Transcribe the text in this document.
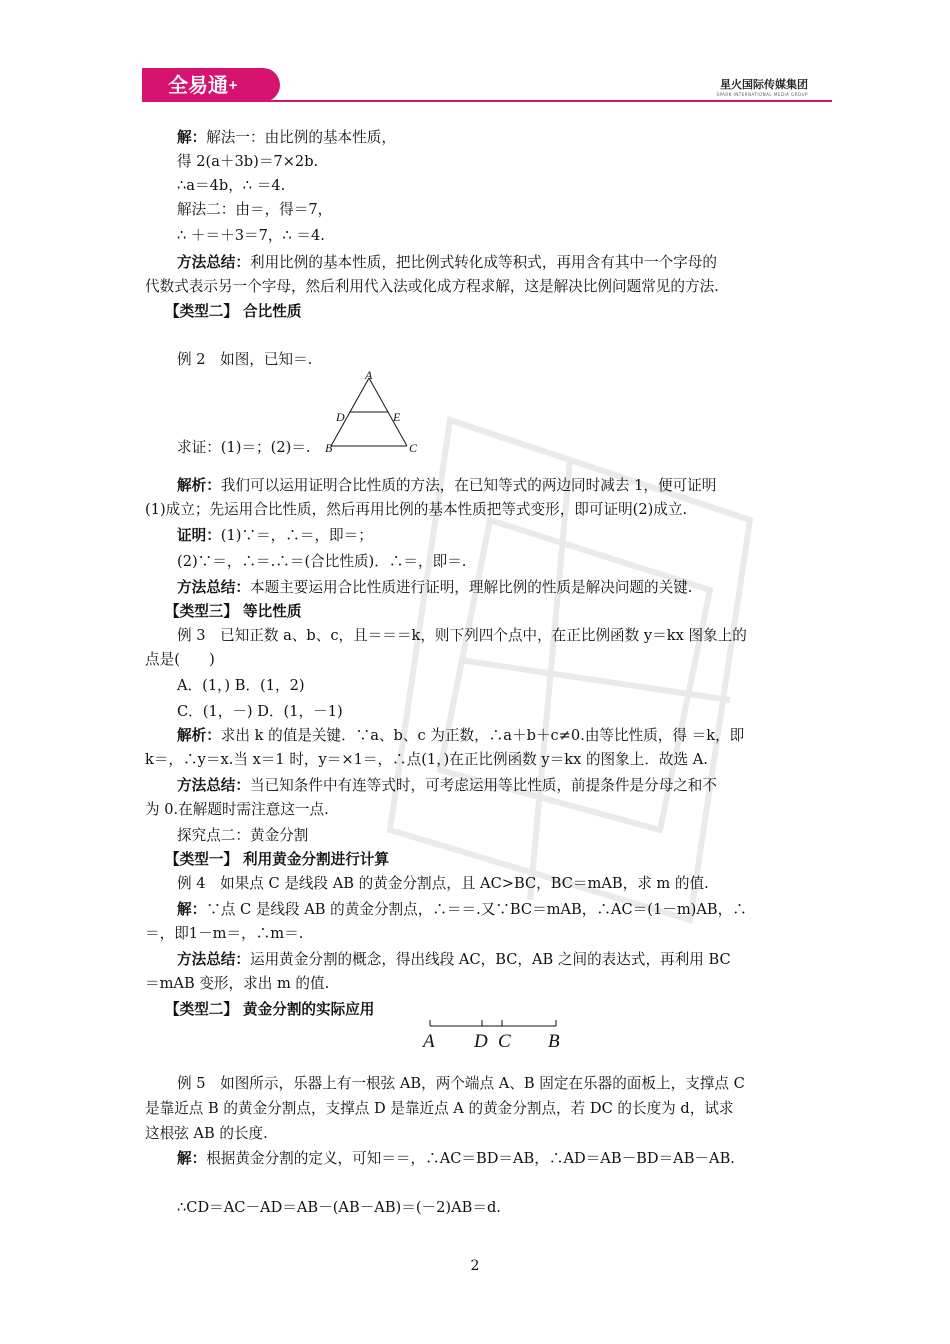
全易通+	星火国际传媒集团
SPARK INTERNATIONAL MEDIA GROUP
解：解法一：由比例的基本性质，
得 2(a＋3b)＝7×2b.
∴a＝4b，∴ ＝4.
解法二：由＝，得＝7，
∴ ＋＝＋3＝7，∴ ＝4.
方法总结：利用比例的基本性质，把比例式转化成等积式，再用含有其中一个字母的
代数式表示另一个字母，然后利用代入法或化成方程求解，这是解决比例问题常见的方法.
【类型二】 合比性质
例 2　如图，已知＝.
A
D	E
B	C
求证：(1)＝；(2)＝.
解析：我们可以运用证明合比性质的方法，在已知等式的两边同时减去 1，便可证明
(1)成立；先运用合比性质，然后再用比例的基本性质把等式变形，即可证明(2)成立.
证明：(1)∵＝，∴＝，即＝；
(2)∵＝，∴＝.∴＝(合比性质)．∴＝，即＝.
方法总结：本题主要运用合比性质进行证明，理解比例的性质是解决问题的关键.
【类型三】 等比性质
例 3　已知正数 a、b、c，且＝＝＝k，则下列四个点中，在正比例函数 y＝kx 图象上的
点是(　　)
A．(1，) B．(1，2)
C．(1，－) D．(1，－1)
解析：求出 k 的值是关键．∵a、b、c 为正数，∴a＋b＋c≠0.由等比性质，得 ＝k，即
k＝，∴y＝x.当 x＝1 时，y＝×1＝，∴点(1，)在正比例函数 y＝kx 的图象上．故选 A.
方法总结：当已知条件中有连等式时，可考虑运用等比性质，前提条件是分母之和不
为 0.在解题时需注意这一点.
探究点二：黄金分割
【类型一】 利用黄金分割进行计算
例 4　如果点 C 是线段 AB 的黄金分割点，且 AC>BC，BC＝mAB，求 m 的值.
解：∵点 C 是线段 AB 的黄金分割点，∴＝＝.又∵BC＝mAB，∴AC＝(1－m)AB，∴
＝，即1－m＝，∴m＝.
方法总结：运用黄金分割的概念，得出线段 AC，BC，AB 之间的表达式，再利用 BC
＝mAB 变形，求出 m 的值.
【类型二】 黄金分割的实际应用
A D C B
例 5　如图所示，乐器上有一根弦 AB，两个端点 A、B 固定在乐器的面板上，支撑点 C
是靠近点 B 的黄金分割点，支撑点 D 是靠近点 A 的黄金分割点，若 DC 的长度为 d，试求
这根弦 AB 的长度.
解：根据黄金分割的定义，可知＝＝，∴AC＝BD＝AB，∴AD＝AB－BD＝AB－AB.
∴CD＝AC－AD＝AB－(AB－AB)＝(－2)AB＝d.
2
